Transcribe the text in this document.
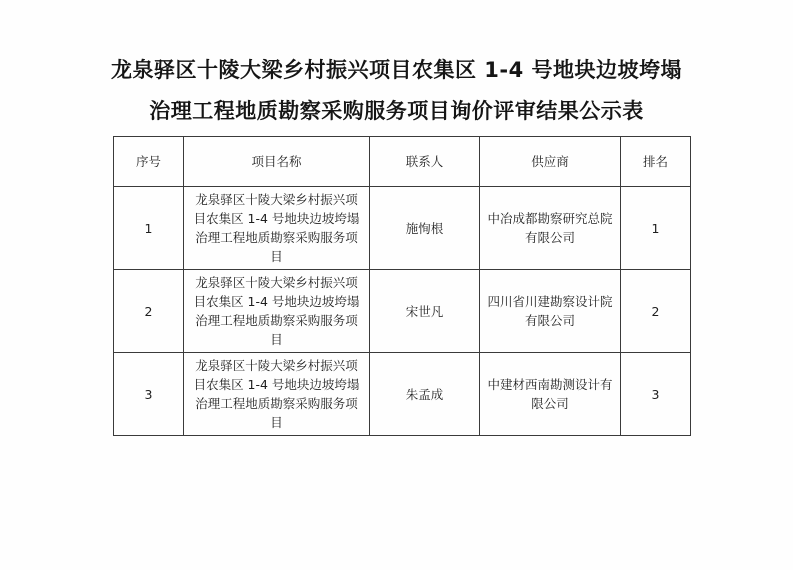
龙泉驿区十陵大梁乡村振兴项目农集区 1-4 号地块边坡垮塌
治理工程地质勘察采购服务项目询价评审结果公示表
序号	项目名称	联系人	供应商	排名
1	龙泉驿区十陵大梁乡村振兴项目农集区 1-4 号地块边坡垮塌治理工程地质勘察采购服务项目	施恂根	中冶成都勘察研究总院有限公司	1
2	龙泉驿区十陵大梁乡村振兴项目农集区 1-4 号地块边坡垮塌治理工程地质勘察采购服务项目	宋世凡	四川省川建勘察设计院有限公司	2
3	龙泉驿区十陵大梁乡村振兴项目农集区 1-4 号地块边坡垮塌治理工程地质勘察采购服务项目	朱孟成	中建材西南勘测设计有限公司	3
